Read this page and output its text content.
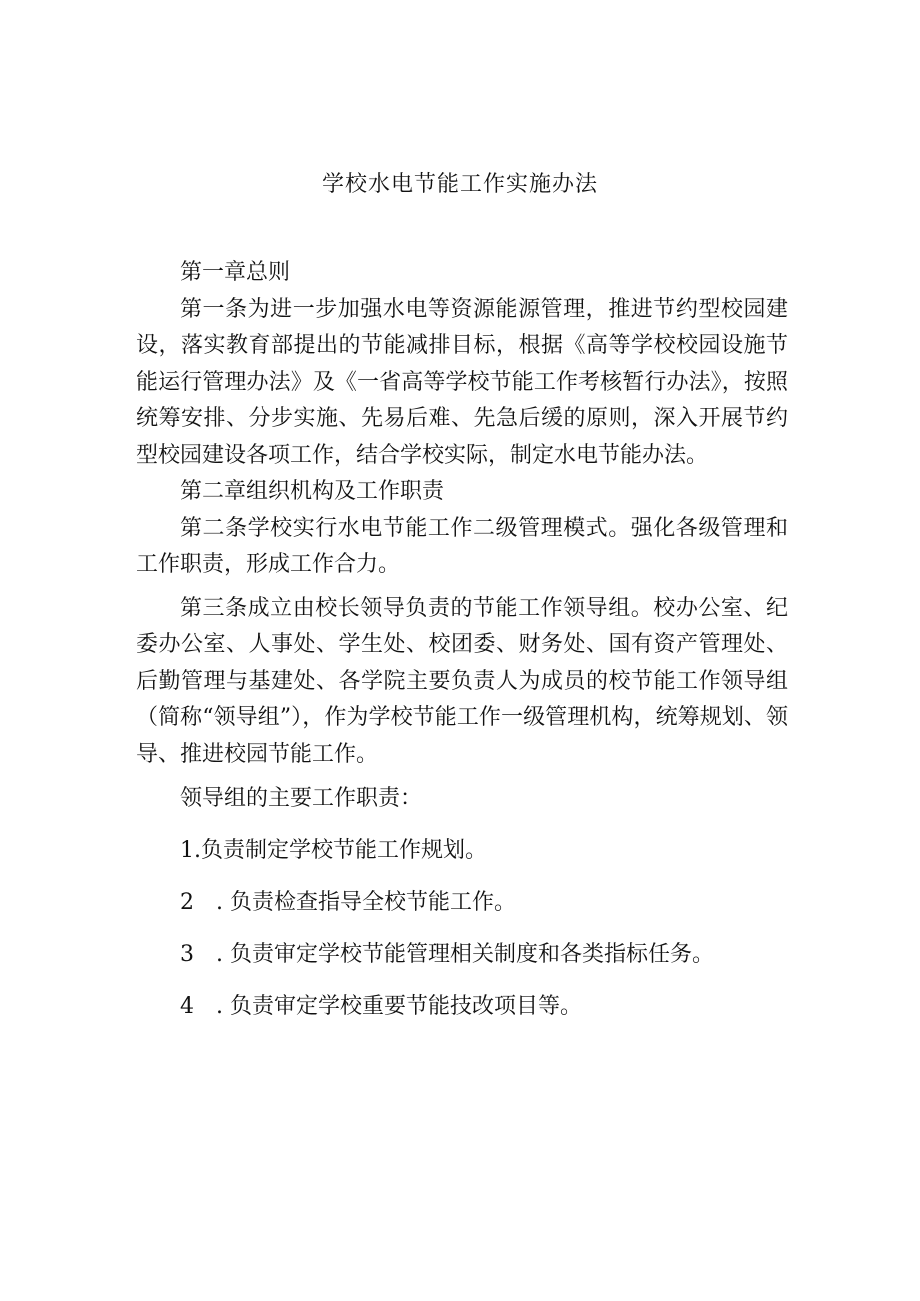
学校水电节能工作实施办法

第一章总则

第一条为进一步加强水电等资源能源管理，推进节约型校园建设，落实教育部提出的节能减排目标，根据《高等学校校园设施节能运行管理办法》及《一省高等学校节能工作考核暂行办法》，按照统筹安排、分步实施、先易后难、先急后缓的原则，深入开展节约型校园建设各项工作，结合学校实际，制定水电节能办法。

第二章组织机构及工作职责

第二条学校实行水电节能工作二级管理模式。强化各级管理和工作职责，形成工作合力。

第三条成立由校长领导负责的节能工作领导组。校办公室、纪委办公室、人事处、学生处、校团委、财务处、国有资产管理处、后勤管理与基建处、各学院主要负责人为成员的校节能工作领导组（简称“领导组”），作为学校节能工作一级管理机构，统筹规划、领导、推进校园节能工作。

领导组的主要工作职责：

1.负责制定学校节能工作规划。

2　. 负责检查指导全校节能工作。

3　. 负责审定学校节能管理相关制度和各类指标任务。

4　. 负责审定学校重要节能技改项目等。
